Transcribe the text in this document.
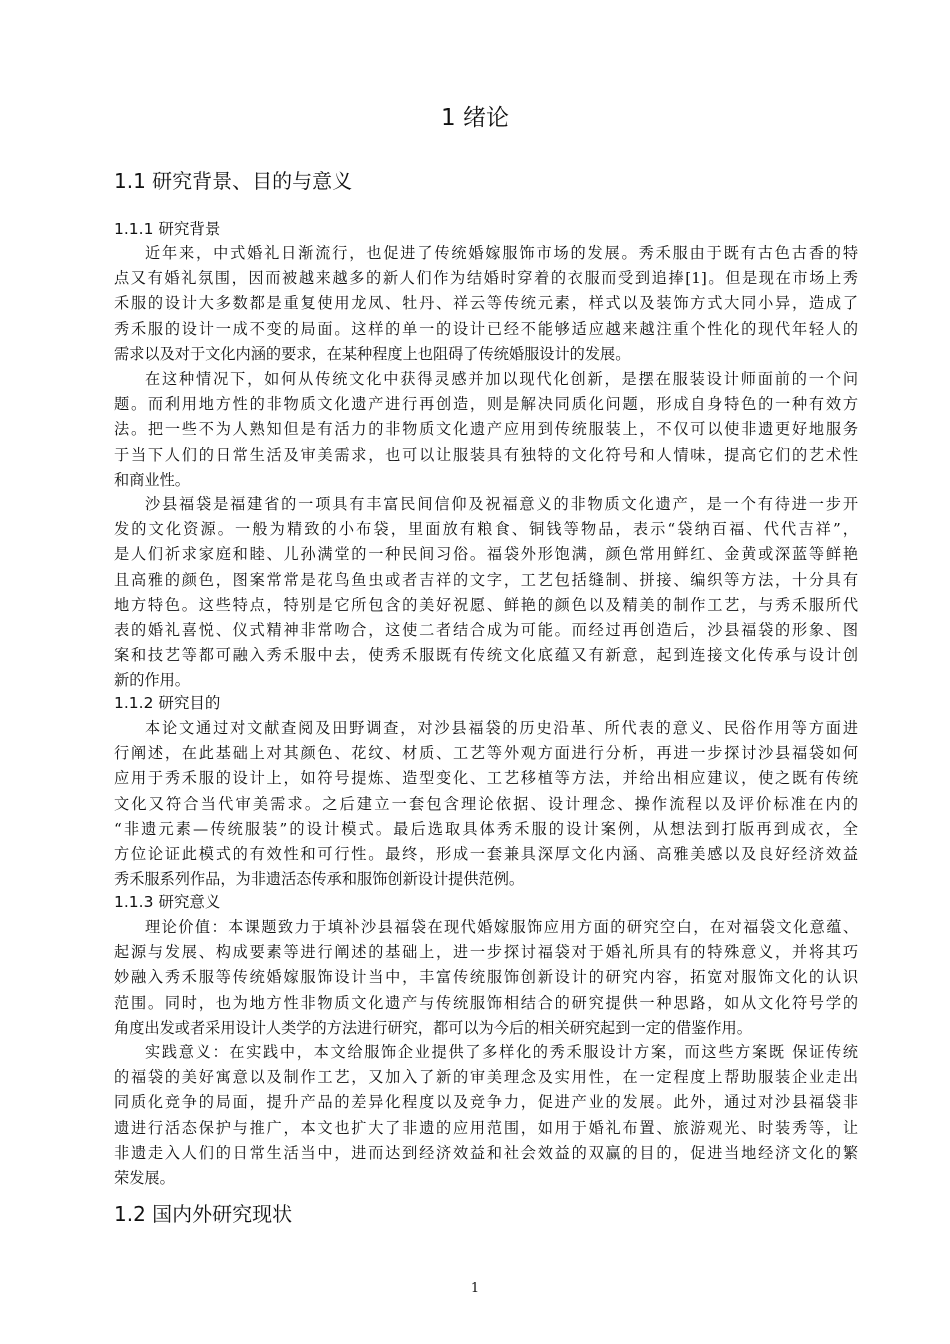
1 绪论
1.1 研究背景、目的与意义
1.1.1 研究背景
近年来，中式婚礼日渐流行，也促进了传统婚嫁服饰市场的发展。秀禾服由于既有古色古香的特
点又有婚礼氛围，因而被越来越多的新人们作为结婚时穿着的衣服而受到追捧[1]。但是现在市场上秀
禾服的设计大多数都是重复使用龙凤、牡丹、祥云等传统元素，样式以及装饰方式大同小异，造成了
秀禾服的设计一成不变的局面。这样的单一的设计已经不能够适应越来越注重个性化的现代年轻人的
需求以及对于文化内涵的要求，在某种程度上也阻碍了传统婚服设计的发展。
在这种情况下，如何从传统文化中获得灵感并加以现代化创新，是摆在服装设计师面前的一个问
题。而利用地方性的非物质文化遗产进行再创造，则是解决同质化问题，形成自身特色的一种有效方
法。把一些不为人熟知但是有活力的非物质文化遗产应用到传统服装上，不仅可以使非遗更好地服务
于当下人们的日常生活及审美需求，也可以让服装具有独特的文化符号和人情味，提高它们的艺术性
和商业性。
沙县福袋是福建省的一项具有丰富民间信仰及祝福意义的非物质文化遗产，是一个有待进一步开
发的文化资源。一般为精致的小布袋，里面放有粮食、铜钱等物品，表示“袋纳百福、代代吉祥”，
是人们祈求家庭和睦、儿孙满堂的一种民间习俗。福袋外形饱满，颜色常用鲜红、金黄或深蓝等鲜艳
且高雅的颜色，图案常常是花鸟鱼虫或者吉祥的文字，工艺包括缝制、拼接、编织等方法，十分具有
地方特色。这些特点，特别是它所包含的美好祝愿、鲜艳的颜色以及精美的制作工艺，与秀禾服所代
表的婚礼喜悦、仪式精神非常吻合，这使二者结合成为可能。而经过再创造后，沙县福袋的形象、图
案和技艺等都可融入秀禾服中去，使秀禾服既有传统文化底蕴又有新意，起到连接文化传承与设计创
新的作用。
1.1.2 研究目的
本论文通过对文献查阅及田野调查，对沙县福袋的历史沿革、所代表的意义、民俗作用等方面进
行阐述，在此基础上对其颜色、花纹、材质、工艺等外观方面进行分析，再进一步探讨沙县福袋如何
应用于秀禾服的设计上，如符号提炼、造型变化、工艺移植等方法，并给出相应建议，使之既有传统
文化又符合当代审美需求。之后建立一套包含理论依据、设计理念、操作流程以及评价标准在内的
“非遗元素—传统服装”的设计模式。最后选取具体秀禾服的设计案例，从想法到打版再到成衣，全
方位论证此模式的有效性和可行性。最终，形成一套兼具深厚文化内涵、高雅美感以及良好经济效益
秀禾服系列作品，为非遗活态传承和服饰创新设计提供范例。
1.1.3 研究意义
理论价值：本课题致力于填补沙县福袋在现代婚嫁服饰应用方面的研究空白，在对福袋文化意蕴、
起源与发展、构成要素等进行阐述的基础上，进一步探讨福袋对于婚礼所具有的特殊意义，并将其巧
妙融入秀禾服等传统婚嫁服饰设计当中，丰富传统服饰创新设计的研究内容，拓宽对服饰文化的认识
范围。同时，也为地方性非物质文化遗产与传统服饰相结合的研究提供一种思路，如从文化符号学的
角度出发或者采用设计人类学的方法进行研究，都可以为今后的相关研究起到一定的借鉴作用。
实践意义：在实践中，本文给服饰企业提供了多样化的秀禾服设计方案，而这些方案既 保证传统
的福袋的美好寓意以及制作工艺，又加入了新的审美理念及实用性，在一定程度上帮助服装企业走出
同质化竞争的局面，提升产品的差异化程度以及竞争力，促进产业的发展。此外，通过对沙县福袋非
遗进行活态保护与推广，本文也扩大了非遗的应用范围，如用于婚礼布置、旅游观光、时装秀等，让
非遗走入人们的日常生活当中，进而达到经济效益和社会效益的双赢的目的，促进当地经济文化的繁
荣发展。
1.2 国内外研究现状
1
